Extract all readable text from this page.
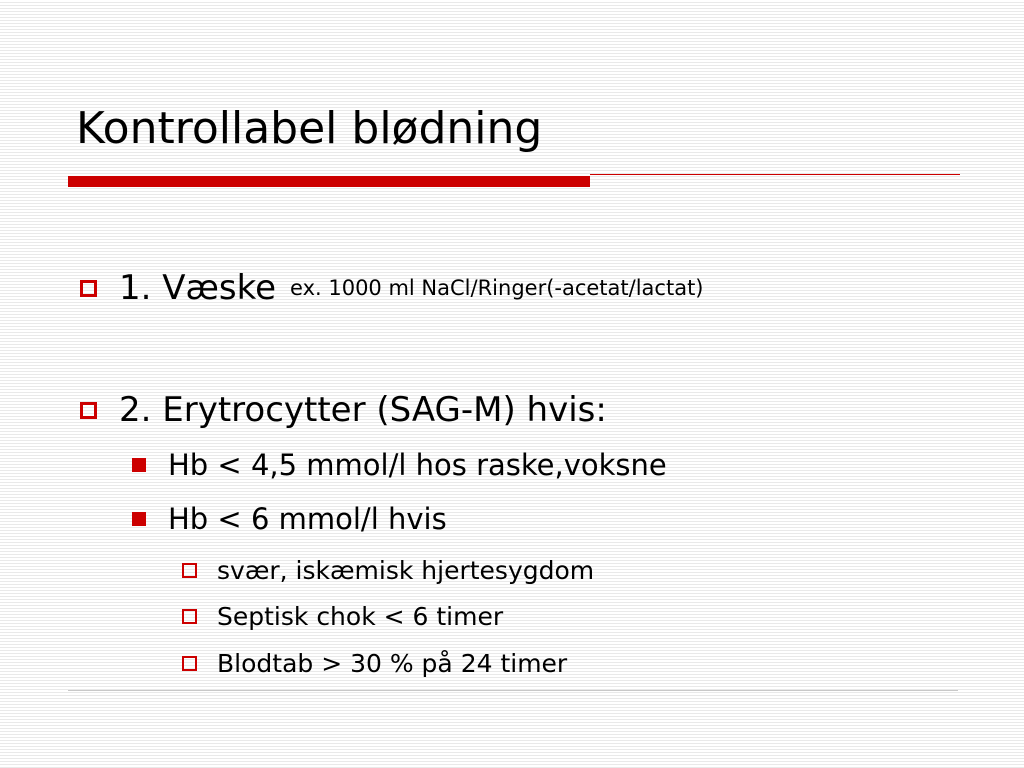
Kontrollabel blødning
1. Væske ex. 1000 ml NaCl/Ringer(-acetat/lactat)
2. Erytrocytter (SAG-M) hvis:
Hb < 4,5 mmol/l hos raske,voksne
Hb < 6 mmol/l hvis
svær, iskæmisk hjertesygdom
Septisk chok < 6 timer
Blodtab > 30 % på 24 timer
